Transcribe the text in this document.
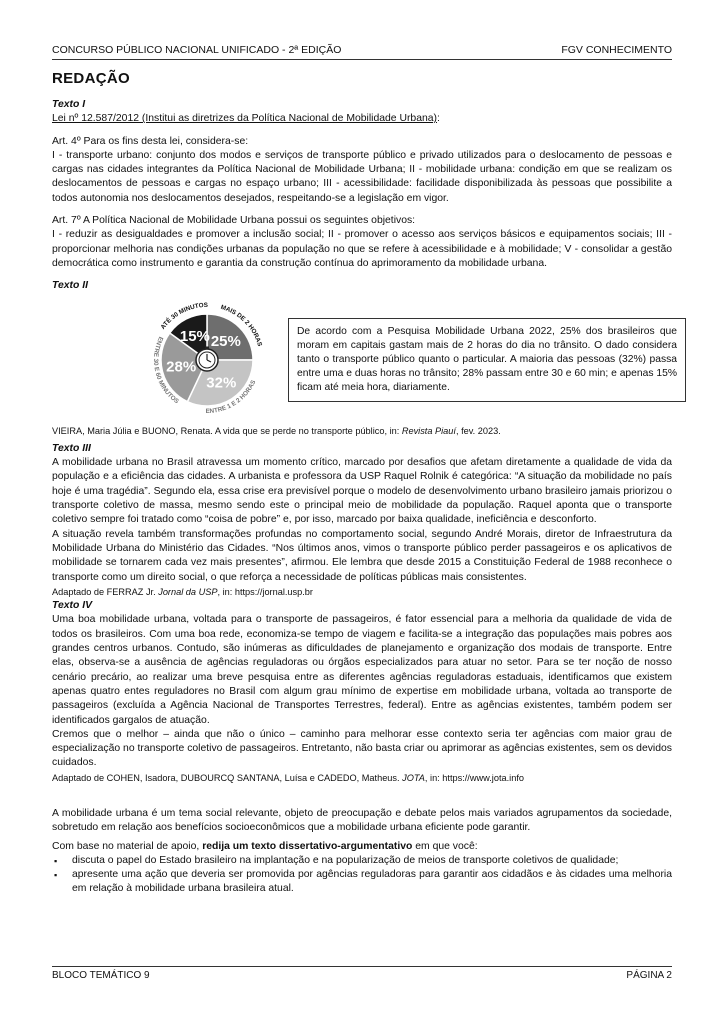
CONCURSO PÚBLICO NACIONAL UNIFICADO - 2ª EDIÇÃO	FGV CONHECIMENTO
REDAÇÃO

Texto I

Lei nº 12.587/2012 (Institui as diretrizes da Política Nacional de Mobilidade Urbana):

Art. 4º Para os fins desta lei, considera-se:

I - transporte urbano: conjunto dos modos e serviços de transporte público e privado utilizados para o deslocamento de pessoas e cargas nas cidades integrantes da Política Nacional de Mobilidade Urbana; II - mobilidade urbana: condição em que se realizam os deslocamentos de pessoas e cargas no espaço urbano; III - acessibilidade: facilidade disponibilizada às pessoas que possibilite a todos autonomia nos deslocamentos desejados, respeitando-se a legislação em vigor.

Art. 7º A Política Nacional de Mobilidade Urbana possui os seguintes objetivos:

I - reduzir as desigualdades e promover a inclusão social; II - promover o acesso aos serviços básicos e equipamentos sociais; III - proporcionar melhoria nas condições urbanas da população no que se refere à acessibilidade e à mobilidade; V - consolidar a gestão democrática como instrumento e garantia da construção contínua do aprimoramento da mobilidade urbana.

Texto II

MAIS DE 2 HORAS
ENTRE 1 E 2 HORAS
ENTRE 30 E 60 MINUTOS
ATÉ 30 MINUTOS
25%
32%
28%
15%	De acordo com a Pesquisa Mobilidade Urbana 2022, 25% dos brasileiros que moram em capitais gastam mais de 2 horas do dia no trânsito. O dado considera tanto o transporte público quanto o particular. A maioria das pessoas (32%) passa entre uma e duas horas no trânsito; 28% passam entre 30 e 60 min; e apenas 15% ficam até meia hora, diariamente.

VIEIRA, Maria Júlia e BUONO, Renata. A vida que se perde no transporte público, in: Revista Piauí, fev. 2023.

Texto III

A mobilidade urbana no Brasil atravessa um momento crítico, marcado por desafios que afetam diretamente a qualidade de vida da população e a eficiência das cidades. A urbanista e professora da USP Raquel Rolnik é categórica: “A situação da mobilidade no país hoje é uma tragédia”. Segundo ela, essa crise era previsível porque o modelo de desenvolvimento urbano brasileiro jamais priorizou o transporte coletivo de massa, mesmo sendo este o principal meio de mobilidade da população. Raquel aponta que o transporte coletivo sempre foi tratado como “coisa de pobre” e, por isso, marcado por baixa qualidade, ineficiência e desconforto.

A situação revela também transformações profundas no comportamento social, segundo André Morais, diretor de Infraestrutura da Mobilidade Urbana do Ministério das Cidades. “Nos últimos anos, vimos o transporte público perder passageiros e os aplicativos de mobilidade se tornarem cada vez mais presentes”, afirmou. Ele lembra que desde 2015 a Constituição Federal de 1988 reconhece o transporte como um direito social, o que reforça a necessidade de políticas públicas mais consistentes.

Adaptado de FERRAZ Jr. Jornal da USP, in: https://jornal.usp.br

Texto IV

Uma boa mobilidade urbana, voltada para o transporte de passageiros, é fator essencial para a melhoria da qualidade de vida de todos os brasileiros. Com uma boa rede, economiza-se tempo de viagem e facilita-se a integração das populações mais pobres aos grandes centros urbanos. Contudo, são inúmeras as dificuldades de planejamento e organização dos modais de transporte. Entre elas, observa-se a ausência de agências reguladoras ou órgãos especializados para atuar no setor. Para se ter noção de nosso cenário precário, ao realizar uma breve pesquisa entre as diferentes agências reguladoras estaduais, identificamos que existem apenas quatro entes reguladores no Brasil com algum grau mínimo de expertise em mobilidade urbana, voltada ao transporte de passageiros (excluída a Agência Nacional de Transportes Terrestres, federal). Entre as agências existentes, também podem ser identificados gargalos de atuação.

Cremos que o melhor – ainda que não o único – caminho para melhorar esse contexto seria ter agências com maior grau de especialização no transporte coletivo de passageiros. Entretanto, não basta criar ou aprimorar as agências existentes, sem os devidos cuidados.

Adaptado de COHEN, Isadora, DUBOURCQ SANTANA, Luísa e CADEDO, Matheus. JOTA, in: https://www.jota.info

A mobilidade urbana é um tema social relevante, objeto de preocupação e debate pelos mais variados agrupamentos da sociedade, sobretudo em relação aos benefícios socioeconômicos que a mobilidade urbana eficiente pode garantir.

Com base no material de apoio, redija um texto dissertativo-argumentativo em que você:

▪ discuta o papel do Estado brasileiro na implantação e na popularização de meios de transporte coletivos de qualidade;
▪ apresente uma ação que deveria ser promovida por agências reguladoras para garantir aos cidadãos e às cidades uma melhoria em relação à mobilidade urbana brasileira atual.
BLOCO TEMÁTICO 9	PÁGINA 2
